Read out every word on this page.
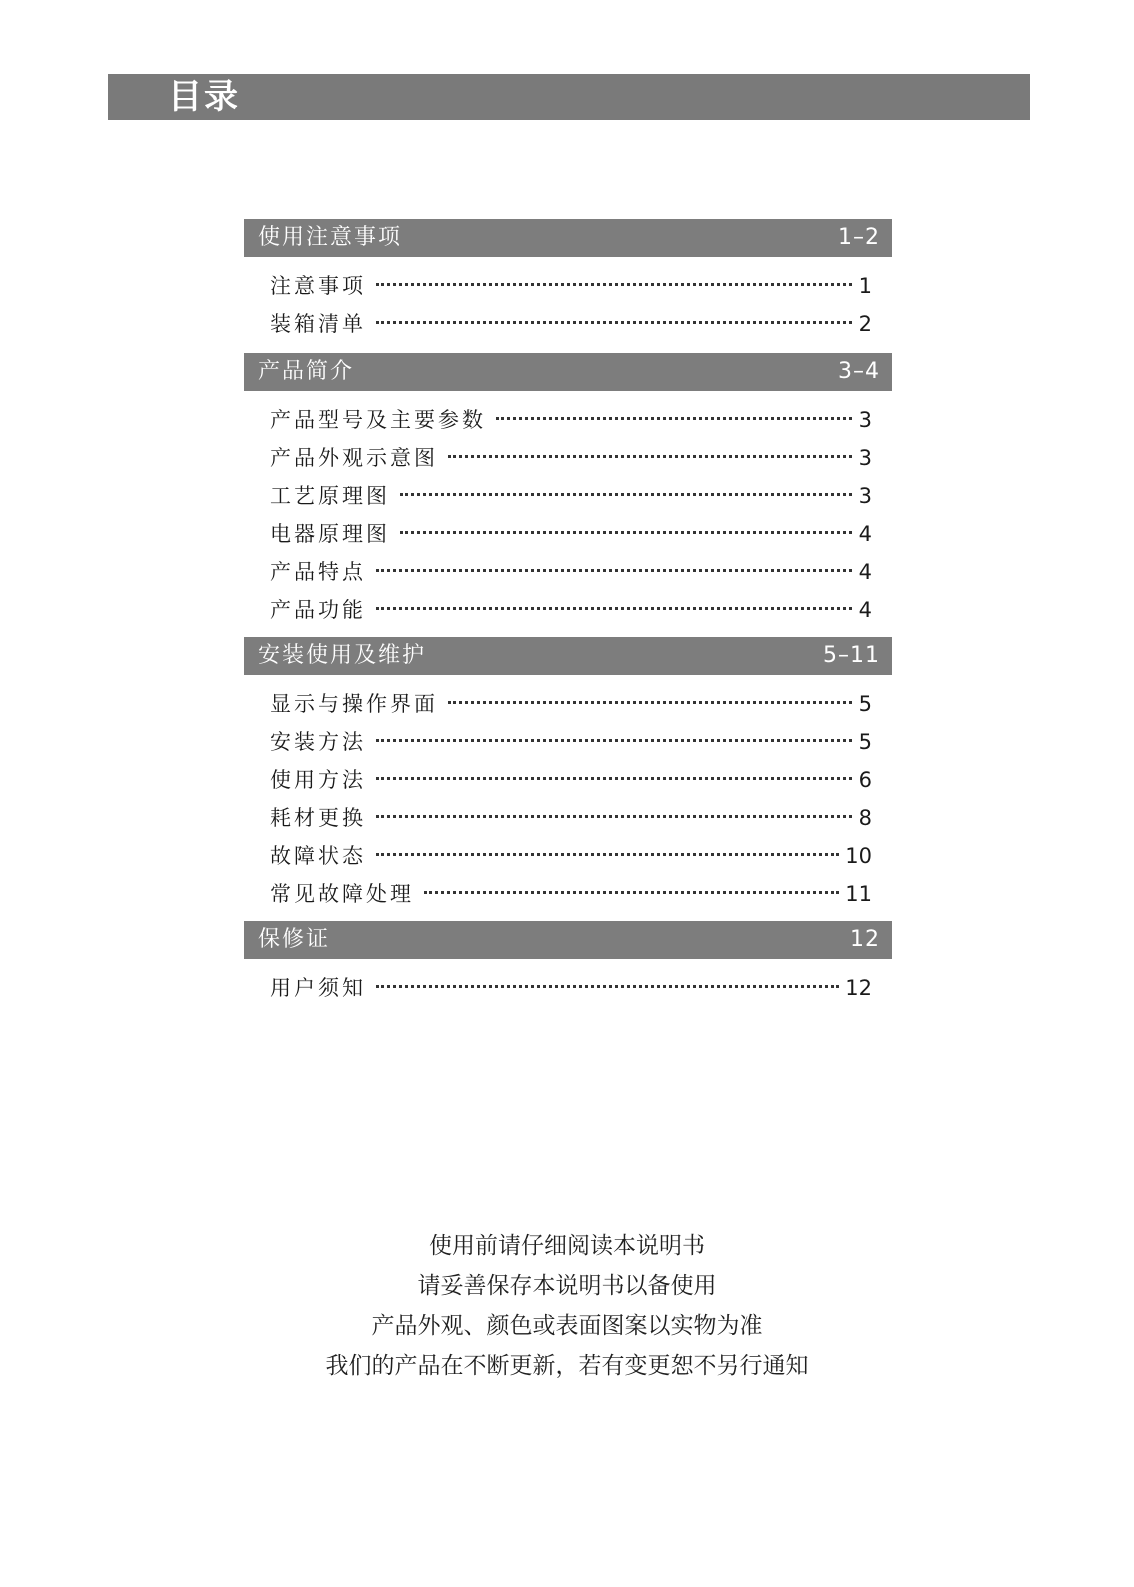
目录
使用注意事项	1–2
注意事项	1
装箱清单	2
产品简介	3–4
产品型号及主要参数	3
产品外观示意图	3
工艺原理图	3
电器原理图	4
产品特点	4
产品功能	4
安装使用及维护	5–11
显示与操作界面	5
安装方法	5
使用方法	6
耗材更换	8
故障状态	10
常见故障处理	11
保修证	12
用户须知	12
使用前请仔细阅读本说明书
请妥善保存本说明书以备使用
产品外观、颜色或表面图案以实物为准
我们的产品在不断更新，若有变更恕不另行通知
